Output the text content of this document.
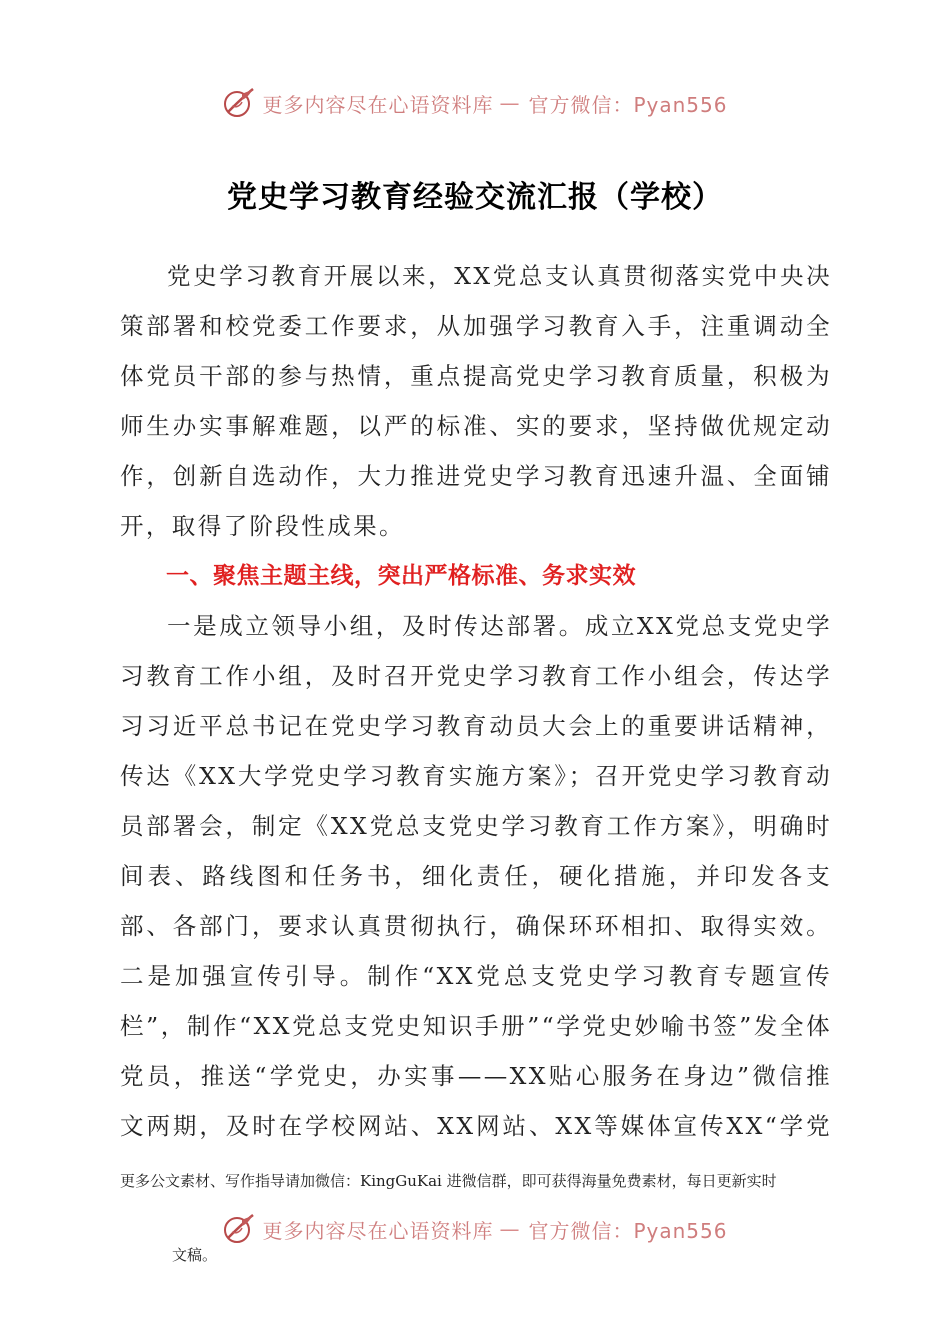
更多内容尽在心语资料库 — 官方微信：Pyan556
党史学习教育经验交流汇报（学校）

党史学习教育开展以来，XX党总支认真贯彻落实党中央决策部署和校党委工作要求，从加强学习教育入手，注重调动全体党员干部的参与热情，重点提高党史学习教育质量，积极为师生办实事解难题，以严的标准、实的要求，坚持做优规定动作，创新自选动作，大力推进党史学习教育迅速升温、全面铺开，取得了阶段性成果。

一、聚焦主题主线，突出严格标准、务求实效

一是成立领导小组，及时传达部署。成立XX党总支党史学习教育工作小组，及时召开党史学习教育工作小组会，传达学习习近平总书记在党史学习教育动员大会上的重要讲话精神，传达《XX大学党史学习教育实施方案》；召开党史学习教育动员部署会，制定《XX党总支党史学习教育工作方案》，明确时间表、路线图和任务书，细化责任，硬化措施，并印发各支部、各部门，要求认真贯彻执行，确保环环相扣、取得实效。二是加强宣传引导。制作“XX党总支党史学习教育专题宣传栏”，制作“XX党总支党史知识手册”“学党史妙喻书签”发全体党员，推送“学党史，办实事——XX贴心服务在身边”微信推文两期，及时在学校网站、XX网站、XX等媒体宣传XX“学党

更多公文素材、写作指导请加微信：KingGuKai 进微信群，即可获得海量免费素材，每日更新实时
更多内容尽在心语资料库 — 官方微信：Pyan556
文稿。
